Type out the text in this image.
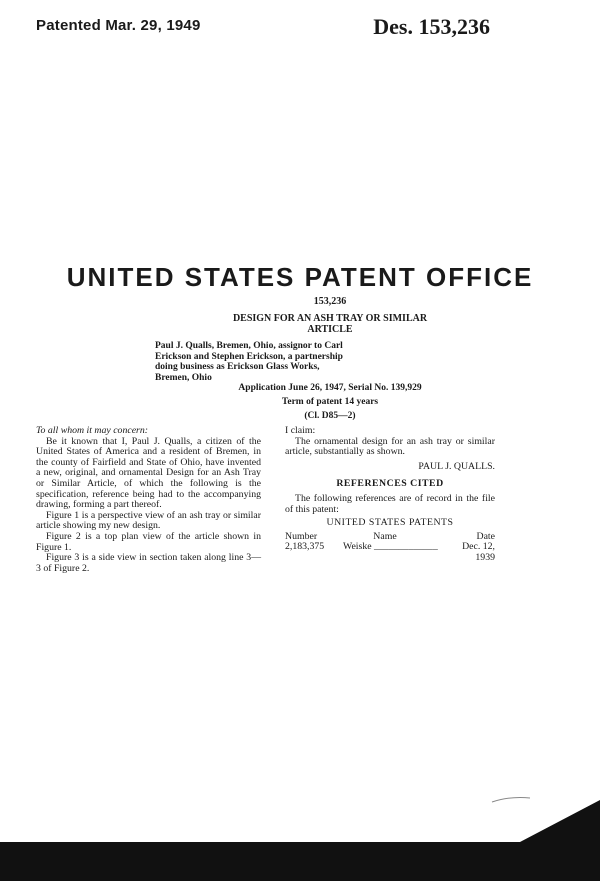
Patented Mar. 29, 1949	Des. 153,236
UNITED STATES PATENT OFFICE
153,236
DESIGN FOR AN ASH TRAY OR SIMILAR
ARTICLE
Paul J. Qualls, Bremen, Ohio, assignor to Carl
Erickson and Stephen Erickson, a partnership
doing business as Erickson Glass Works,
Bremen, Ohio
Application June 26, 1947, Serial No. 139,929
Term of patent 14 years
(Cl. D85—2)
To all whom it may concern:
Be it known that I, Paul J. Qualls, a citizen of the United States of America and a resident of Bremen, in the county of Fairfield and State of Ohio, have invented a new, original, and ornamental Design for an Ash Tray or Similar Article, of which the following is the specification, reference being had to the accompanying drawing, forming a part thereof.
Figure 1 is a perspective view of an ash tray or similar article showing my new design.
Figure 2 is a top plan view of the article shown in Figure 1.
Figure 3 is a side view in section taken along line 3—3 of Figure 2.
I claim:
The ornamental design for an ash tray or similar article, substantially as shown.
PAUL J. QUALLS.
REFERENCES CITED
The following references are of record in the file of this patent:
UNITED STATES PATENTS
Number	Name	Date
2,183,375	Weiske _____________	Dec. 12, 1939
